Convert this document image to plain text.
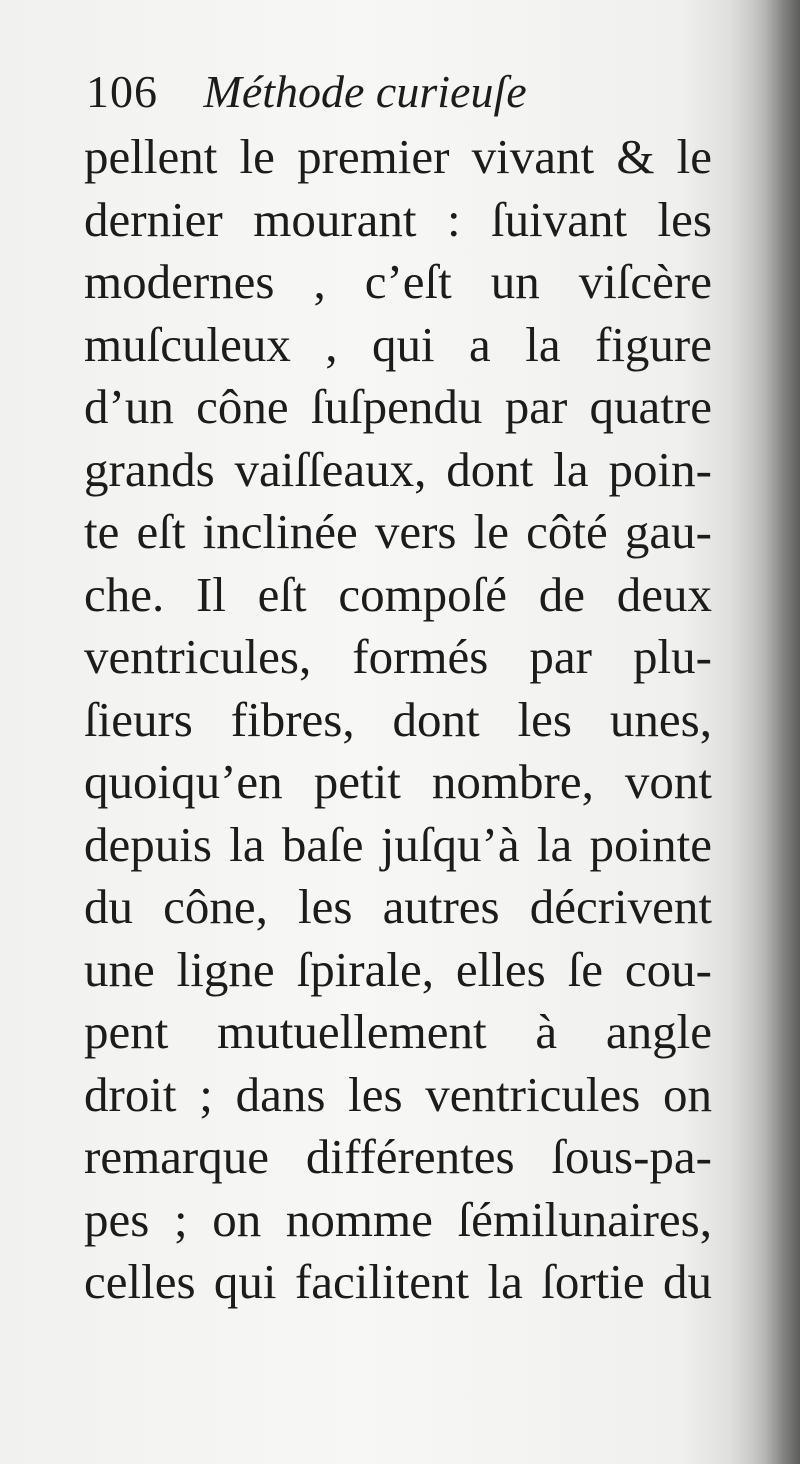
106 Méthode curieuſe
pellent le premier vivant & le
dernier mourant : ſuivant les
modernes , c’eſt un viſcère
muſculeux , qui a la figure
d’un cône ſuſpendu par quatre
grands vaiſſeaux, dont la poin-
te eſt inclinée vers le côté gau-
che. Il eſt compoſé de deux
ventricules, formés par plu-
ſieurs fibres, dont les unes,
quoiqu’en petit nombre, vont
depuis la baſe juſqu’à la pointe
du cône, les autres décrivent
une ligne ſpirale, elles ſe cou-
pent mutuellement à angle
droit ; dans les ventricules on
remarque différentes ſous-pa-
pes ; on nomme ſémilunaires,
celles qui facilitent la ſortie du
